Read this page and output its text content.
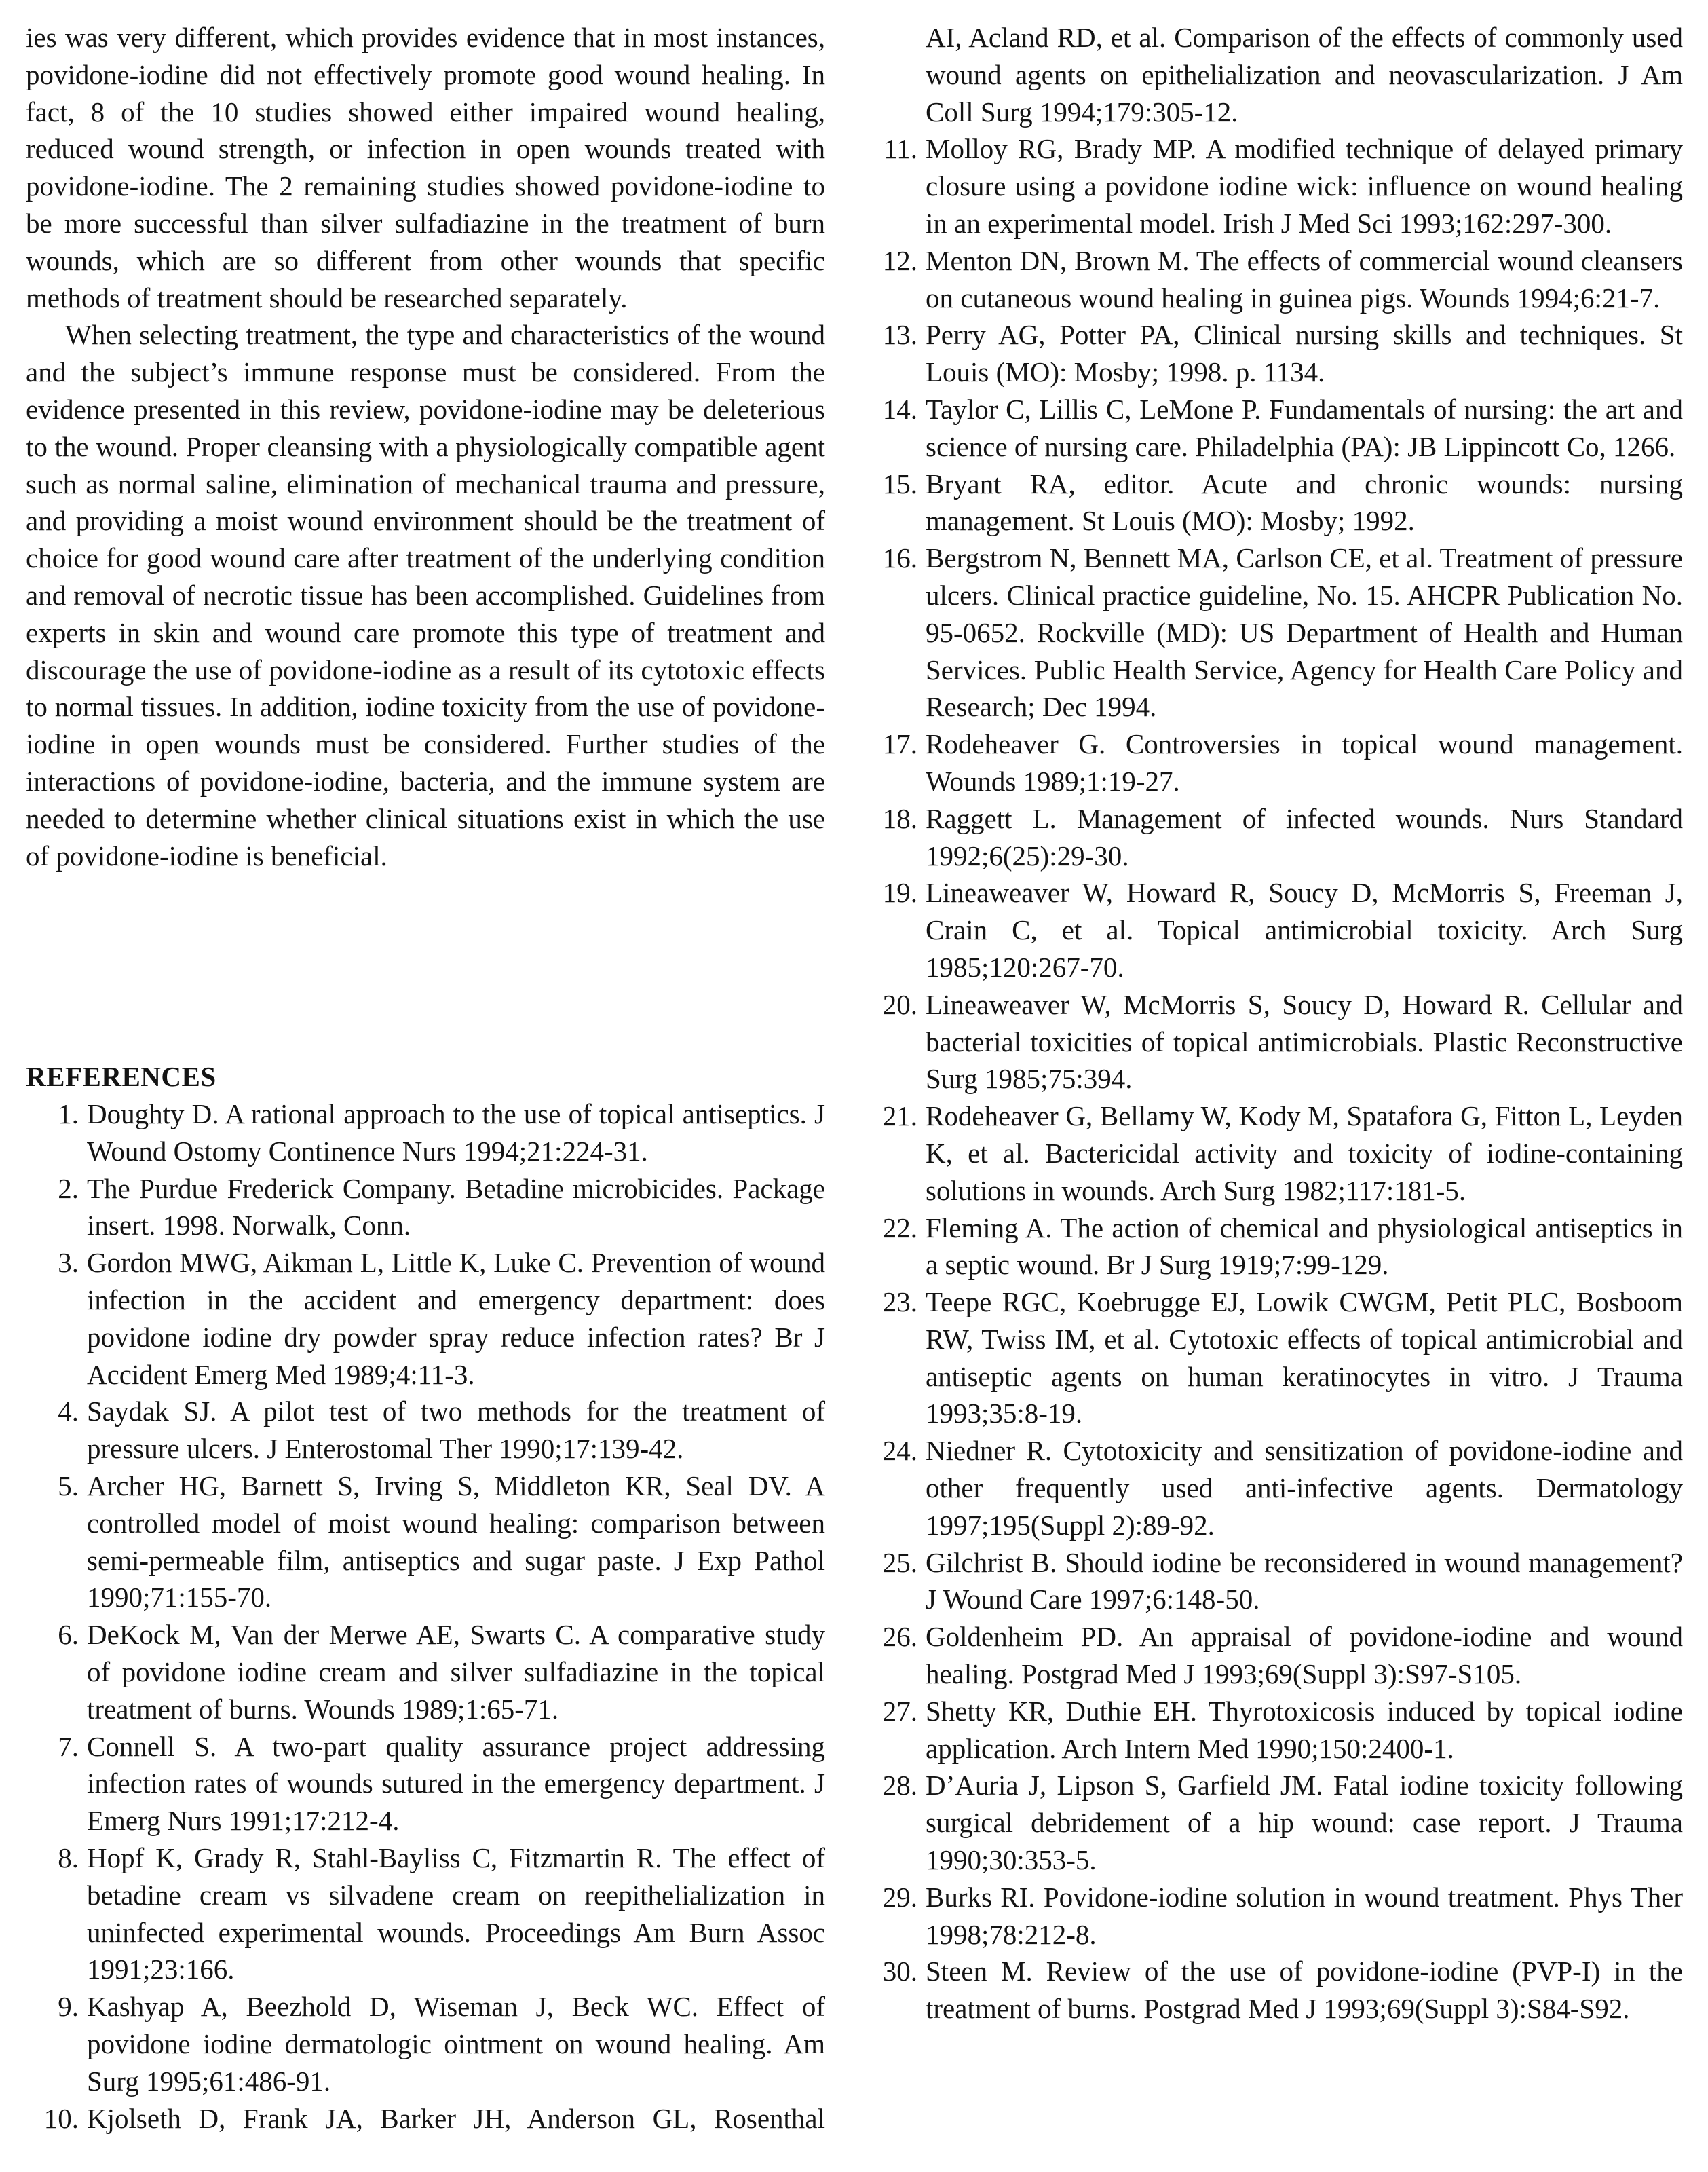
ies was very different, which provides evidence that in most instances, povidone-iodine did not effectively promote good wound healing. In fact, 8 of the 10 studies showed either impaired wound healing, reduced wound strength, or infection in open wounds treated with povidone-iodine. The 2 remaining studies showed povidone-iodine to be more successful than silver sulfadiazine in the treatment of burn wounds, which are so different from other wounds that specific methods of treatment should be researched separately.

When selecting treatment, the type and characteristics of the wound and the subject’s immune response must be considered. From the evidence presented in this review, povidone-iodine may be deleterious to the wound. Proper cleansing with a physiologically compatible agent such as normal saline, elimination of mechanical trauma and pressure, and providing a moist wound environment should be the treatment of choice for good wound care after treatment of the underlying condition and removal of necrotic tissue has been accomplished. Guidelines from experts in skin and wound care promote this type of treatment and discourage the use of povidone-iodine as a result of its cytotoxic effects to normal tissues. In addition, iodine toxicity from the use of povidone-iodine in open wounds must be considered. Further studies of the interactions of povidone-iodine, bacteria, and the immune system are needed to determine whether clinical situations exist in which the use of povidone-iodine is beneficial.

REFERENCES
1. Doughty D. A rational approach to the use of topical antiseptics. J Wound Ostomy Continence Nurs 1994;21:224-31.
2. The Purdue Frederick Company. Betadine microbicides. Package insert. 1998. Norwalk, Conn.
3. Gordon MWG, Aikman L, Little K, Luke C. Prevention of wound infection in the accident and emergency department: does povidone iodine dry powder spray reduce infection rates? Br J Accident Emerg Med 1989;4:11-3.
4. Saydak SJ. A pilot test of two methods for the treatment of pressure ulcers. J Enterostomal Ther 1990;17:139-42.
5. Archer HG, Barnett S, Irving S, Middleton KR, Seal DV. A controlled model of moist wound healing: comparison between semi-permeable film, antiseptics and sugar paste. J Exp Pathol 1990;71:155-70.
6. DeKock M, Van der Merwe AE, Swarts C. A comparative study of povidone iodine cream and silver sulfadiazine in the topical treatment of burns. Wounds 1989;1:65-71.
7. Connell S. A two-part quality assurance project addressing infection rates of wounds sutured in the emergency department. J Emerg Nurs 1991;17:212-4.
8. Hopf K, Grady R, Stahl-Bayliss C, Fitzmartin R. The effect of betadine cream vs silvadene cream on reepithelialization in uninfected experimental wounds. Proceedings Am Burn Assoc 1991;23:166.
9. Kashyap A, Beezhold D, Wiseman J, Beck WC. Effect of povidone iodine dermatologic ointment on wound healing. Am Surg 1995;61:486-91.
10. Kjolseth D, Frank JA, Barker JH, Anderson GL, Rosenthal
AI, Acland RD, et al. Comparison of the effects of commonly used wound agents on epithelialization and neovascularization. J Am Coll Surg 1994;179:305-12.
11. Molloy RG, Brady MP. A modified technique of delayed primary closure using a povidone iodine wick: influence on wound healing in an experimental model. Irish J Med Sci 1993;162:297-300.
12. Menton DN, Brown M. The effects of commercial wound cleansers on cutaneous wound healing in guinea pigs. Wounds 1994;6:21-7.
13. Perry AG, Potter PA, Clinical nursing skills and techniques. St Louis (MO): Mosby; 1998. p. 1134.
14. Taylor C, Lillis C, LeMone P. Fundamentals of nursing: the art and science of nursing care. Philadelphia (PA): JB Lippincott Co, 1266.
15. Bryant RA, editor. Acute and chronic wounds: nursing management. St Louis (MO): Mosby; 1992.
16. Bergstrom N, Bennett MA, Carlson CE, et al. Treatment of pressure ulcers. Clinical practice guideline, No. 15. AHCPR Publication No. 95-0652. Rockville (MD): US Department of Health and Human Services. Public Health Service, Agency for Health Care Policy and Research; Dec 1994.
17. Rodeheaver G. Controversies in topical wound management. Wounds 1989;1:19-27.
18. Raggett L. Management of infected wounds. Nurs Standard 1992;6(25):29-30.
19. Lineaweaver W, Howard R, Soucy D, McMorris S, Freeman J, Crain C, et al. Topical antimicrobial toxicity. Arch Surg 1985;120:267-70.
20. Lineaweaver W, McMorris S, Soucy D, Howard R. Cellular and bacterial toxicities of topical antimicrobials. Plastic Reconstructive Surg 1985;75:394.
21. Rodeheaver G, Bellamy W, Kody M, Spatafora G, Fitton L, Leyden K, et al. Bactericidal activity and toxicity of iodine-containing solutions in wounds. Arch Surg 1982;117:181-5.
22. Fleming A. The action of chemical and physiological antiseptics in a septic wound. Br J Surg 1919;7:99-129.
23. Teepe RGC, Koebrugge EJ, Lowik CWGM, Petit PLC, Bosboom RW, Twiss IM, et al. Cytotoxic effects of topical antimicrobial and antiseptic agents on human keratinocytes in vitro. J Trauma 1993;35:8-19.
24. Niedner R. Cytotoxicity and sensitization of povidone-iodine and other frequently used anti-infective agents. Dermatology 1997;195(Suppl 2):89-92.
25. Gilchrist B. Should iodine be reconsidered in wound management? J Wound Care 1997;6:148-50.
26. Goldenheim PD. An appraisal of povidone-iodine and wound healing. Postgrad Med J 1993;69(Suppl 3):S97-S105.
27. Shetty KR, Duthie EH. Thyrotoxicosis induced by topical iodine application. Arch Intern Med 1990;150:2400-1.
28. D’Auria J, Lipson S, Garfield JM. Fatal iodine toxicity following surgical debridement of a hip wound: case report. J Trauma 1990;30:353-5.
29. Burks RI. Povidone-iodine solution in wound treatment. Phys Ther 1998;78:212-8.
30. Steen M. Review of the use of povidone-iodine (PVP-I) in the treatment of burns. Postgrad Med J 1993;69(Suppl 3):S84-S92.
